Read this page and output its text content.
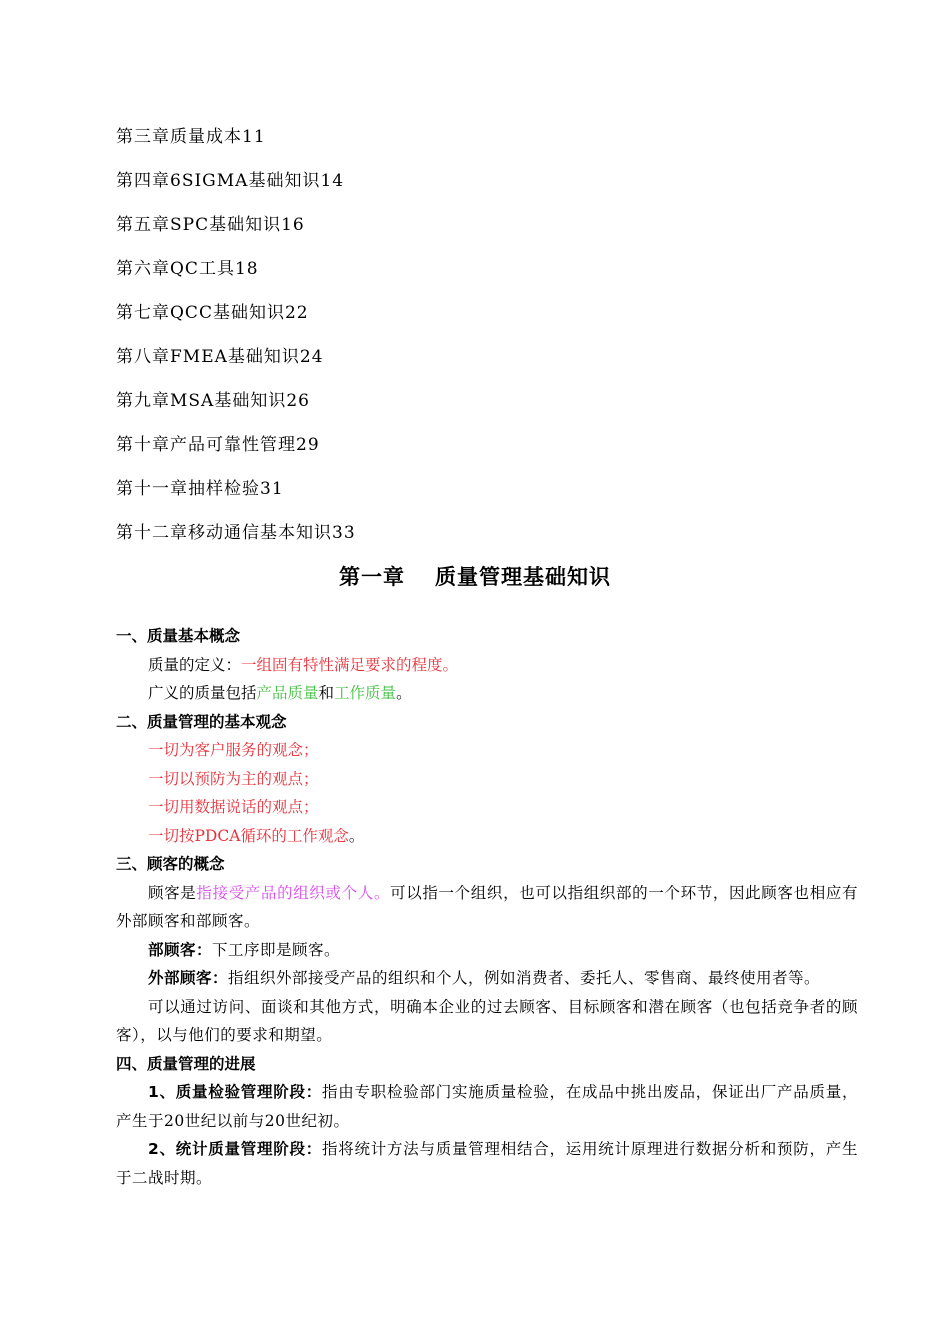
第三章质量成本11
第四章6SIGMA基础知识14
第五章SPC基础知识16
第六章QC工具18
第七章QCC基础知识22
第八章FMEA基础知识24
第九章MSA基础知识26
第十章产品可靠性管理29
第十一章抽样检验31
第十二章移动通信基本知识33
第一章 质量管理基础知识
一、质量基本概念
质量的定义：一组固有特性满足要求的程度。
广义的质量包括产品质量和工作质量。
二、质量管理的基本观念
一切为客户服务的观念；
一切以预防为主的观点；
一切用数据说话的观点；
一切按PDCA循环的工作观念。
三、顾客的概念
顾客是指接受产品的组织或个人。可以指一个组织，也可以指组织部的一个环节，因此顾客也相应有外部顾客和部顾客。
部顾客：下工序即是顾客。
外部顾客：指组织外部接受产品的组织和个人，例如消费者、委托人、零售商、最终使用者等。
可以通过访问、面谈和其他方式，明确本企业的过去顾客、目标顾客和潜在顾客（也包括竞争者的顾客），以与他们的要求和期望。
四、质量管理的进展
1、质量检验管理阶段：指由专职检验部门实施质量检验，在成品中挑出废品，保证出厂产品质量，产生于20世纪以前与20世纪初。
2、统计质量管理阶段：指将统计方法与质量管理相结合，运用统计原理进行数据分析和预防，产生于二战时期。
